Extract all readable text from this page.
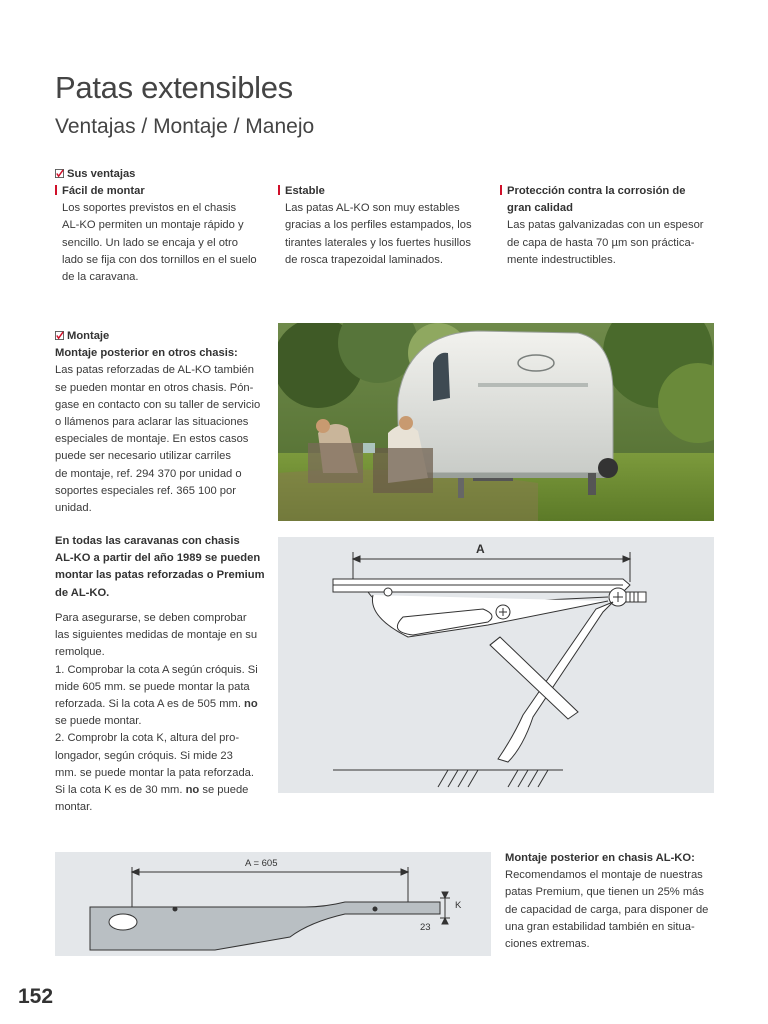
Patas extensibles
Ventajas / Montaje / Manejo
Sus ventajas

Fácil de montar

Los soportes previstos en el chasis

AL-KO permiten un montaje rápido y

sencillo. Un lado se encaja y el otro

lado se fija con dos tornillos en el suelo

de la caravana.

Estable

Las patas AL-KO son muy estables

gracias a los perfiles estampados, los

tirantes laterales y los fuertes husillos

de rosca trapezoidal laminados.

Protección contra la corrosión de

gran calidad

Las patas galvanizadas con un espesor

de capa de hasta 70 µm son práctica-

mente indestructibles.

Montaje

Montaje posterior en otros chasis:

Las patas reforzadas de AL-KO también

se pueden montar en otros chasis. Pón-

gase en contacto con su taller de servicio

o llámenos para aclarar las situaciones

especiales de montaje. En estos casos

puede ser necesario utilizar carriles

de montaje, ref. 294 370 por unidad o

soportes especiales ref. 365 100 por

unidad.

En todas las caravanas con chasis

AL-KO a partir del año 1989 se pueden

montar las patas reforzadas o Premium

de AL-KO.

Para asegurarse, se deben comprobar

las siguientes medidas de montaje en su

remolque.

1. Comprobar la cota A según cróquis. Si

mide 605 mm. se puede montar la pata

reforzada. Si la cota A es de 505 mm. no

se puede montar.

2. Comprobr la cota K, altura del pro-

longador, según cróquis. Si mide 23

mm. se puede montar la pata reforzada.

Si la cota K es de 30 mm. no se puede

montar.

A
A = 605
K
23

Montaje posterior en chasis AL-KO:

Recomendamos el montaje de nuestras

patas Premium, que tienen un 25% más

de capacidad de carga, para disponer de

una gran estabilidad también en situa-

ciones extremas.

152
